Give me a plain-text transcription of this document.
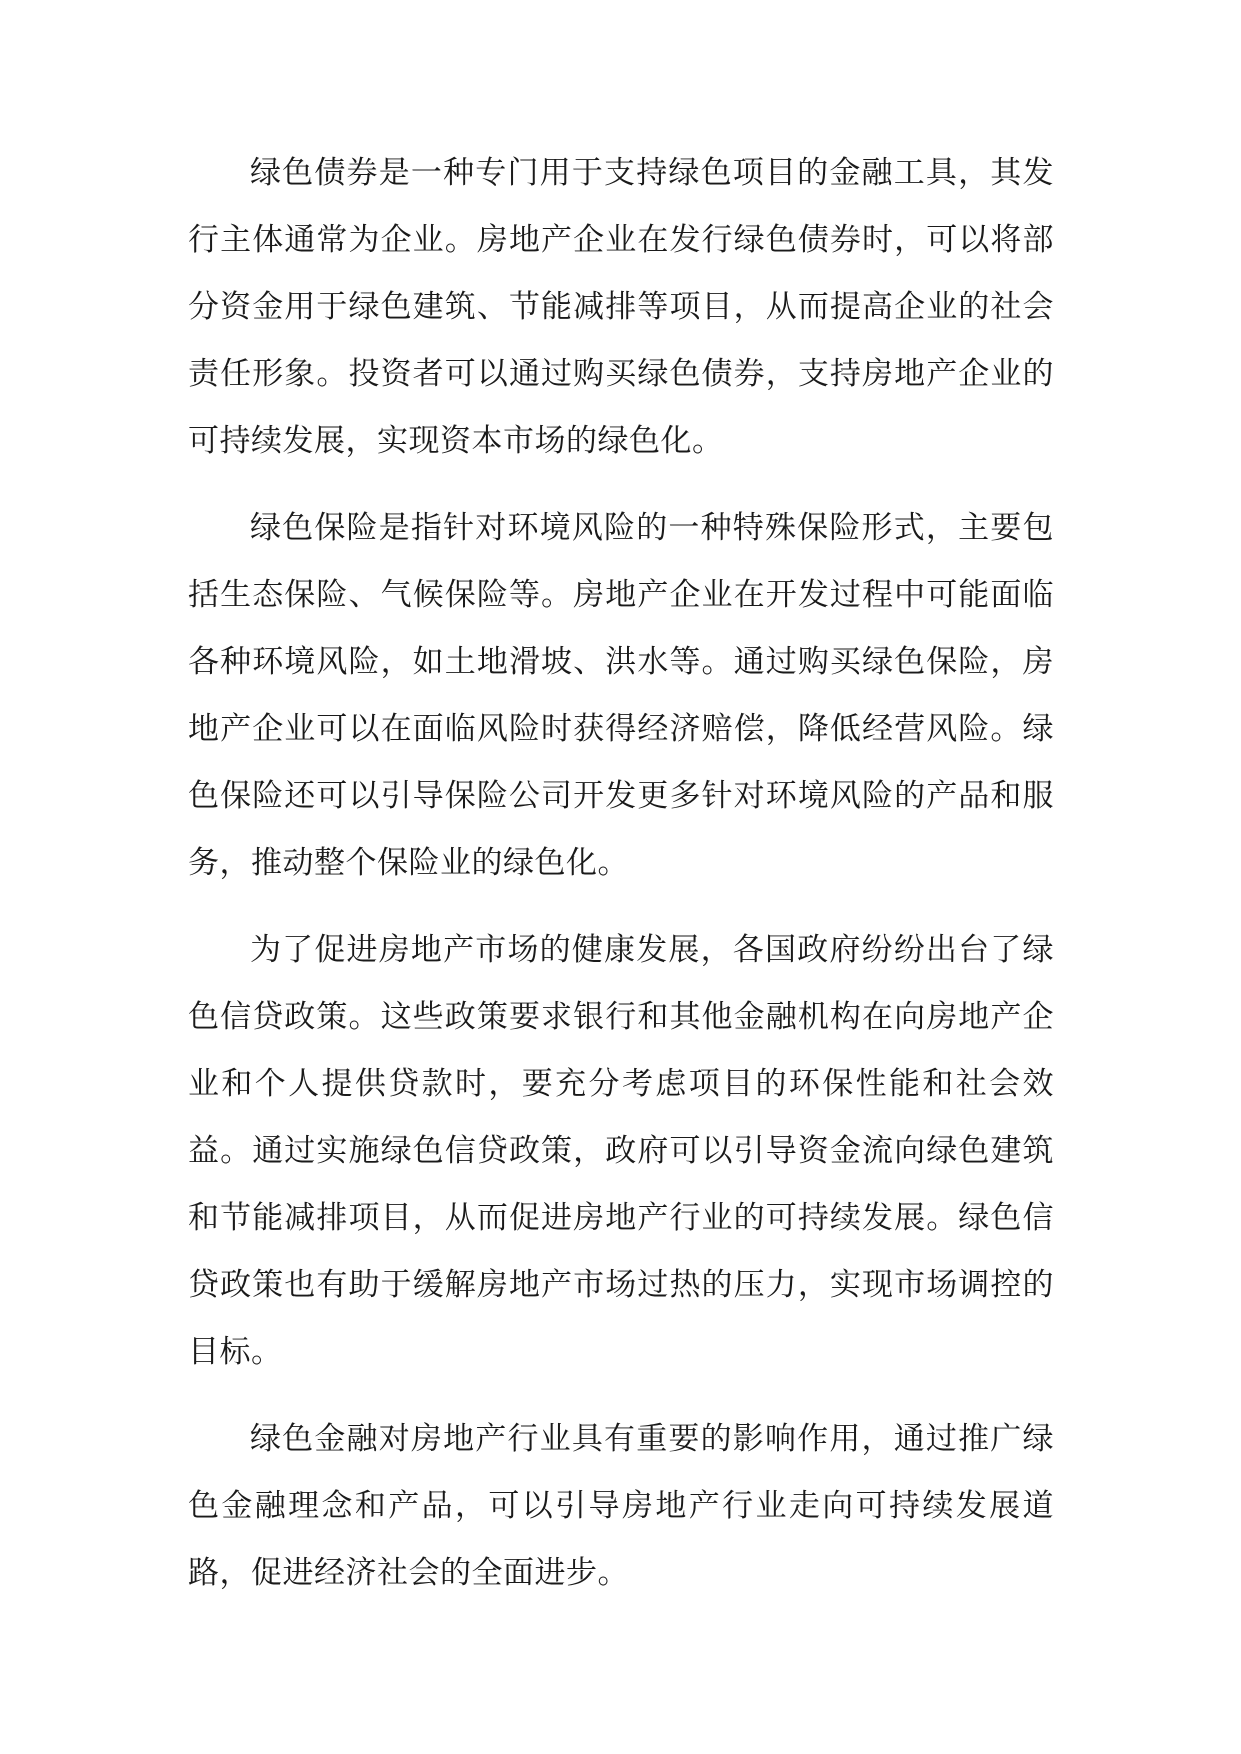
绿色债券是一种专门用于支持绿色项目的金融工具，其发行主体通常为企业。房地产企业在发行绿色债券时，可以将部分资金用于绿色建筑、节能减排等项目，从而提高企业的社会责任形象。投资者可以通过购买绿色债券，支持房地产企业的可持续发展，实现资本市场的绿色化。

绿色保险是指针对环境风险的一种特殊保险形式，主要包括生态保险、气候保险等。房地产企业在开发过程中可能面临各种环境风险，如土地滑坡、洪水等。通过购买绿色保险，房地产企业可以在面临风险时获得经济赔偿，降低经营风险。绿色保险还可以引导保险公司开发更多针对环境风险的产品和服务，推动整个保险业的绿色化。

为了促进房地产市场的健康发展，各国政府纷纷出台了绿色信贷政策。这些政策要求银行和其他金融机构在向房地产企业和个人提供贷款时，要充分考虑项目的环保性能和社会效益。通过实施绿色信贷政策，政府可以引导资金流向绿色建筑和节能减排项目，从而促进房地产行业的可持续发展。绿色信贷政策也有助于缓解房地产市场过热的压力，实现市场调控的目标。

绿色金融对房地产行业具有重要的影响作用，通过推广绿色金融理念和产品，可以引导房地产行业走向可持续发展道路，促进经济社会的全面进步。
